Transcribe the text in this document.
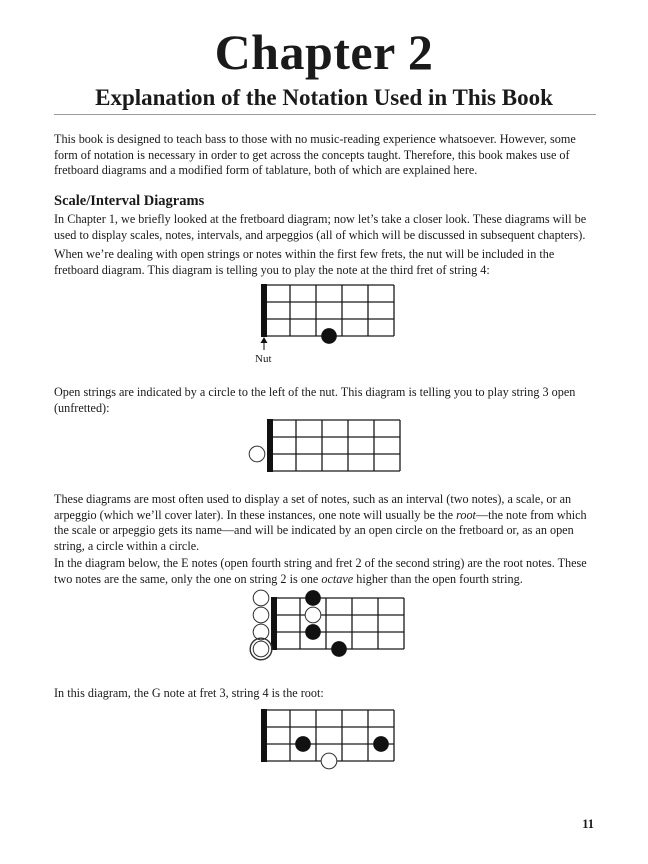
Chapter 2
Explanation of the Notation Used in This Book

This book is designed to teach bass to those with no music-reading experience whatsoever. However, some form of notation is necessary in order to get across the concepts taught. Therefore, this book makes use of fretboard diagrams and a modified form of tablature, both of which are explained here.

Scale/Interval Diagrams

In Chapter 1, we briefly looked at the fretboard diagram; now let’s take a closer look. These diagrams will be used to display scales, notes, intervals, and arpeggios (all of which will be discussed in subsequent chapters).

When we’re dealing with open strings or notes within the first few frets, the nut will be included in the fretboard diagram. This diagram is telling you to play the note at the third fret of string 4:

Nut

Open strings are indicated by a circle to the left of the nut. This diagram is telling you to play string 3 open (unfretted):

These diagrams are most often used to display a set of notes, such as an interval (two notes), a scale, or an arpeggio (which we’ll cover later). In these instances, one note will usually be the root—the note from which the scale or arpeggio gets its name—and will be indicated by an open circle on the fretboard or, as an open string, a circle within a circle.

In the diagram below, the E notes (open fourth string and fret 2 of the second string) are the root notes. These two notes are the same, only the one on string 2 is one octave higher than the open fourth string.

In this diagram, the G note at fret 3, string 4 is the root:

11
